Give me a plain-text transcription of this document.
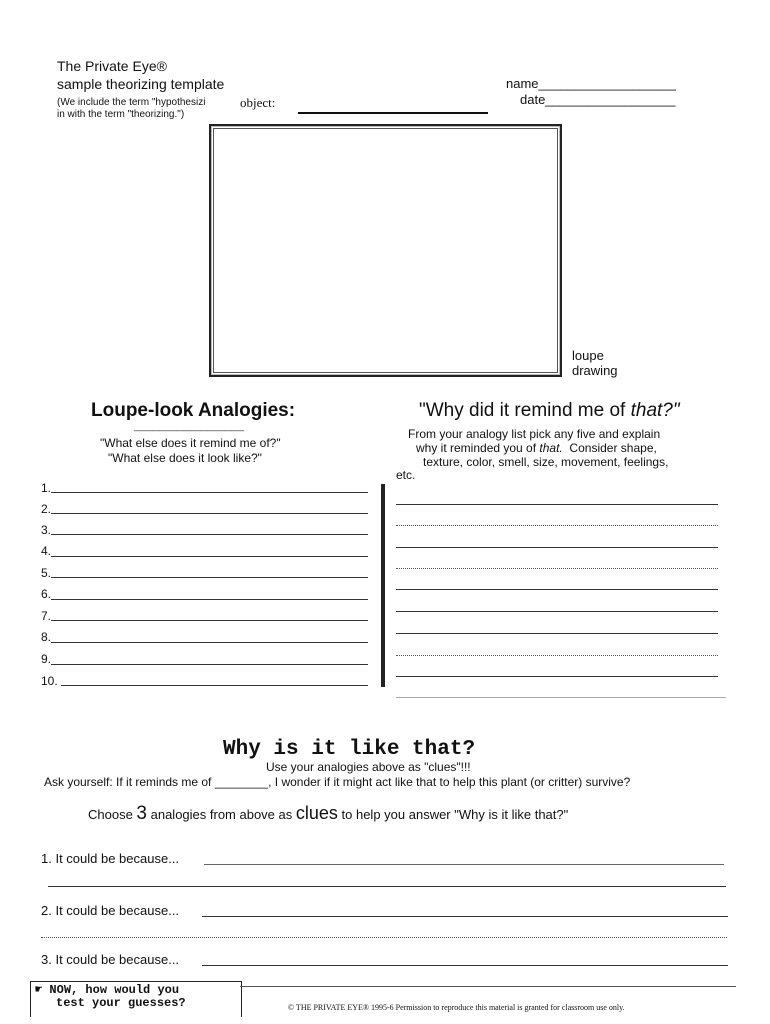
The Private Eye®
sample theorizing template
(We include the term "hypothesizi
in with the term "theorizing.")
object:
name___________________
date__________________
loupe
drawing
Loupe-look Analogies:
__________________
"What else does it remind me of?"
"What else does it look like?"
1.
2.
3.
4.
5.
6.
7.
8.
9.
10.
"Why did it remind me of that?"
From your analogy list pick any five and explain
why it reminded you of that.  Consider shape,
texture, color, smell, size, movement, feelings,
etc.
Why is it like that?
Use your analogies above as "clues"!!!
Ask yourself: If it reminds me of ________, I wonder if it might act like that to help this plant (or critter) survive?
Choose 3 analogies from above as clues to help you answer "Why is it like that?"
1. It could be because...
2. It could be because...
3. It could be because...
☛ NOW, how would you
test your guesses?	© THE PRIVATE EYE® 1995-6 Permission to reproduce this material is granted for classroom use only.
